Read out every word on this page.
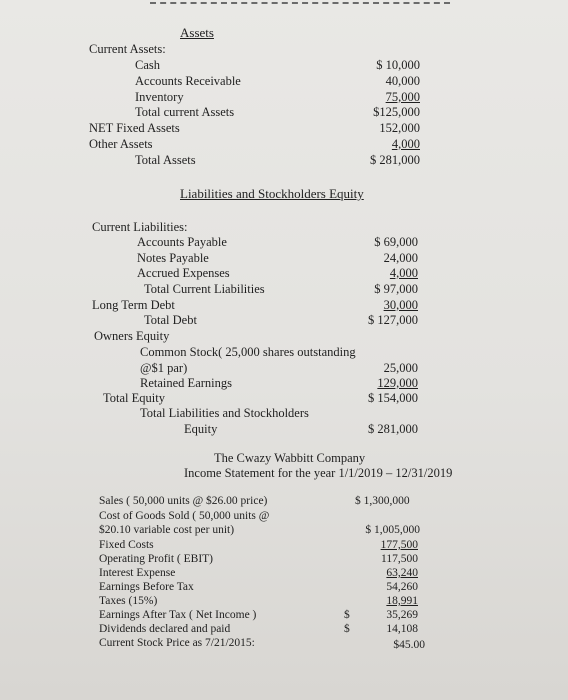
Assets
Current Assets:
Cash	$ 10,000
Accounts Receivable	40,000
Inventory	75,000
Total current Assets	$125,000
NET Fixed Assets	152,000
Other Assets	4,000
Total Assets	$ 281,000
Liabilities and Stockholders Equity
Current Liabilities:
Accounts Payable	$ 69,000
Notes Payable	24,000
Accrued Expenses	4,000
Total Current Liabilities	$ 97,000
Long Term Debt	30,000
Total Debt	$ 127,000
Owners Equity
Common Stock( 25,000 shares outstanding
@$1 par)	25,000
Retained Earnings	129,000
Total Equity	$ 154,000
Total Liabilities and Stockholders
Equity	$ 281,000
The Cwazy Wabbitt Company
Income Statement for the year 1/1/2019 – 12/31/2019
Sales ( 50,000 units @ $26.00 price)	$ 1,300,000
Cost of Goods Sold ( 50,000 units @
$20.10 variable cost per unit)	$ 1,005,000
Fixed Costs	177,500
Operating Profit ( EBIT)	117,500
Interest Expense	63,240
Earnings Before Tax	54,260
Taxes (15%)	18,991
Earnings After Tax ( Net Income )	$	35,269
Dividends declared and paid	$	14,108
Current Stock Price as 7/21/2015:	$45.00
